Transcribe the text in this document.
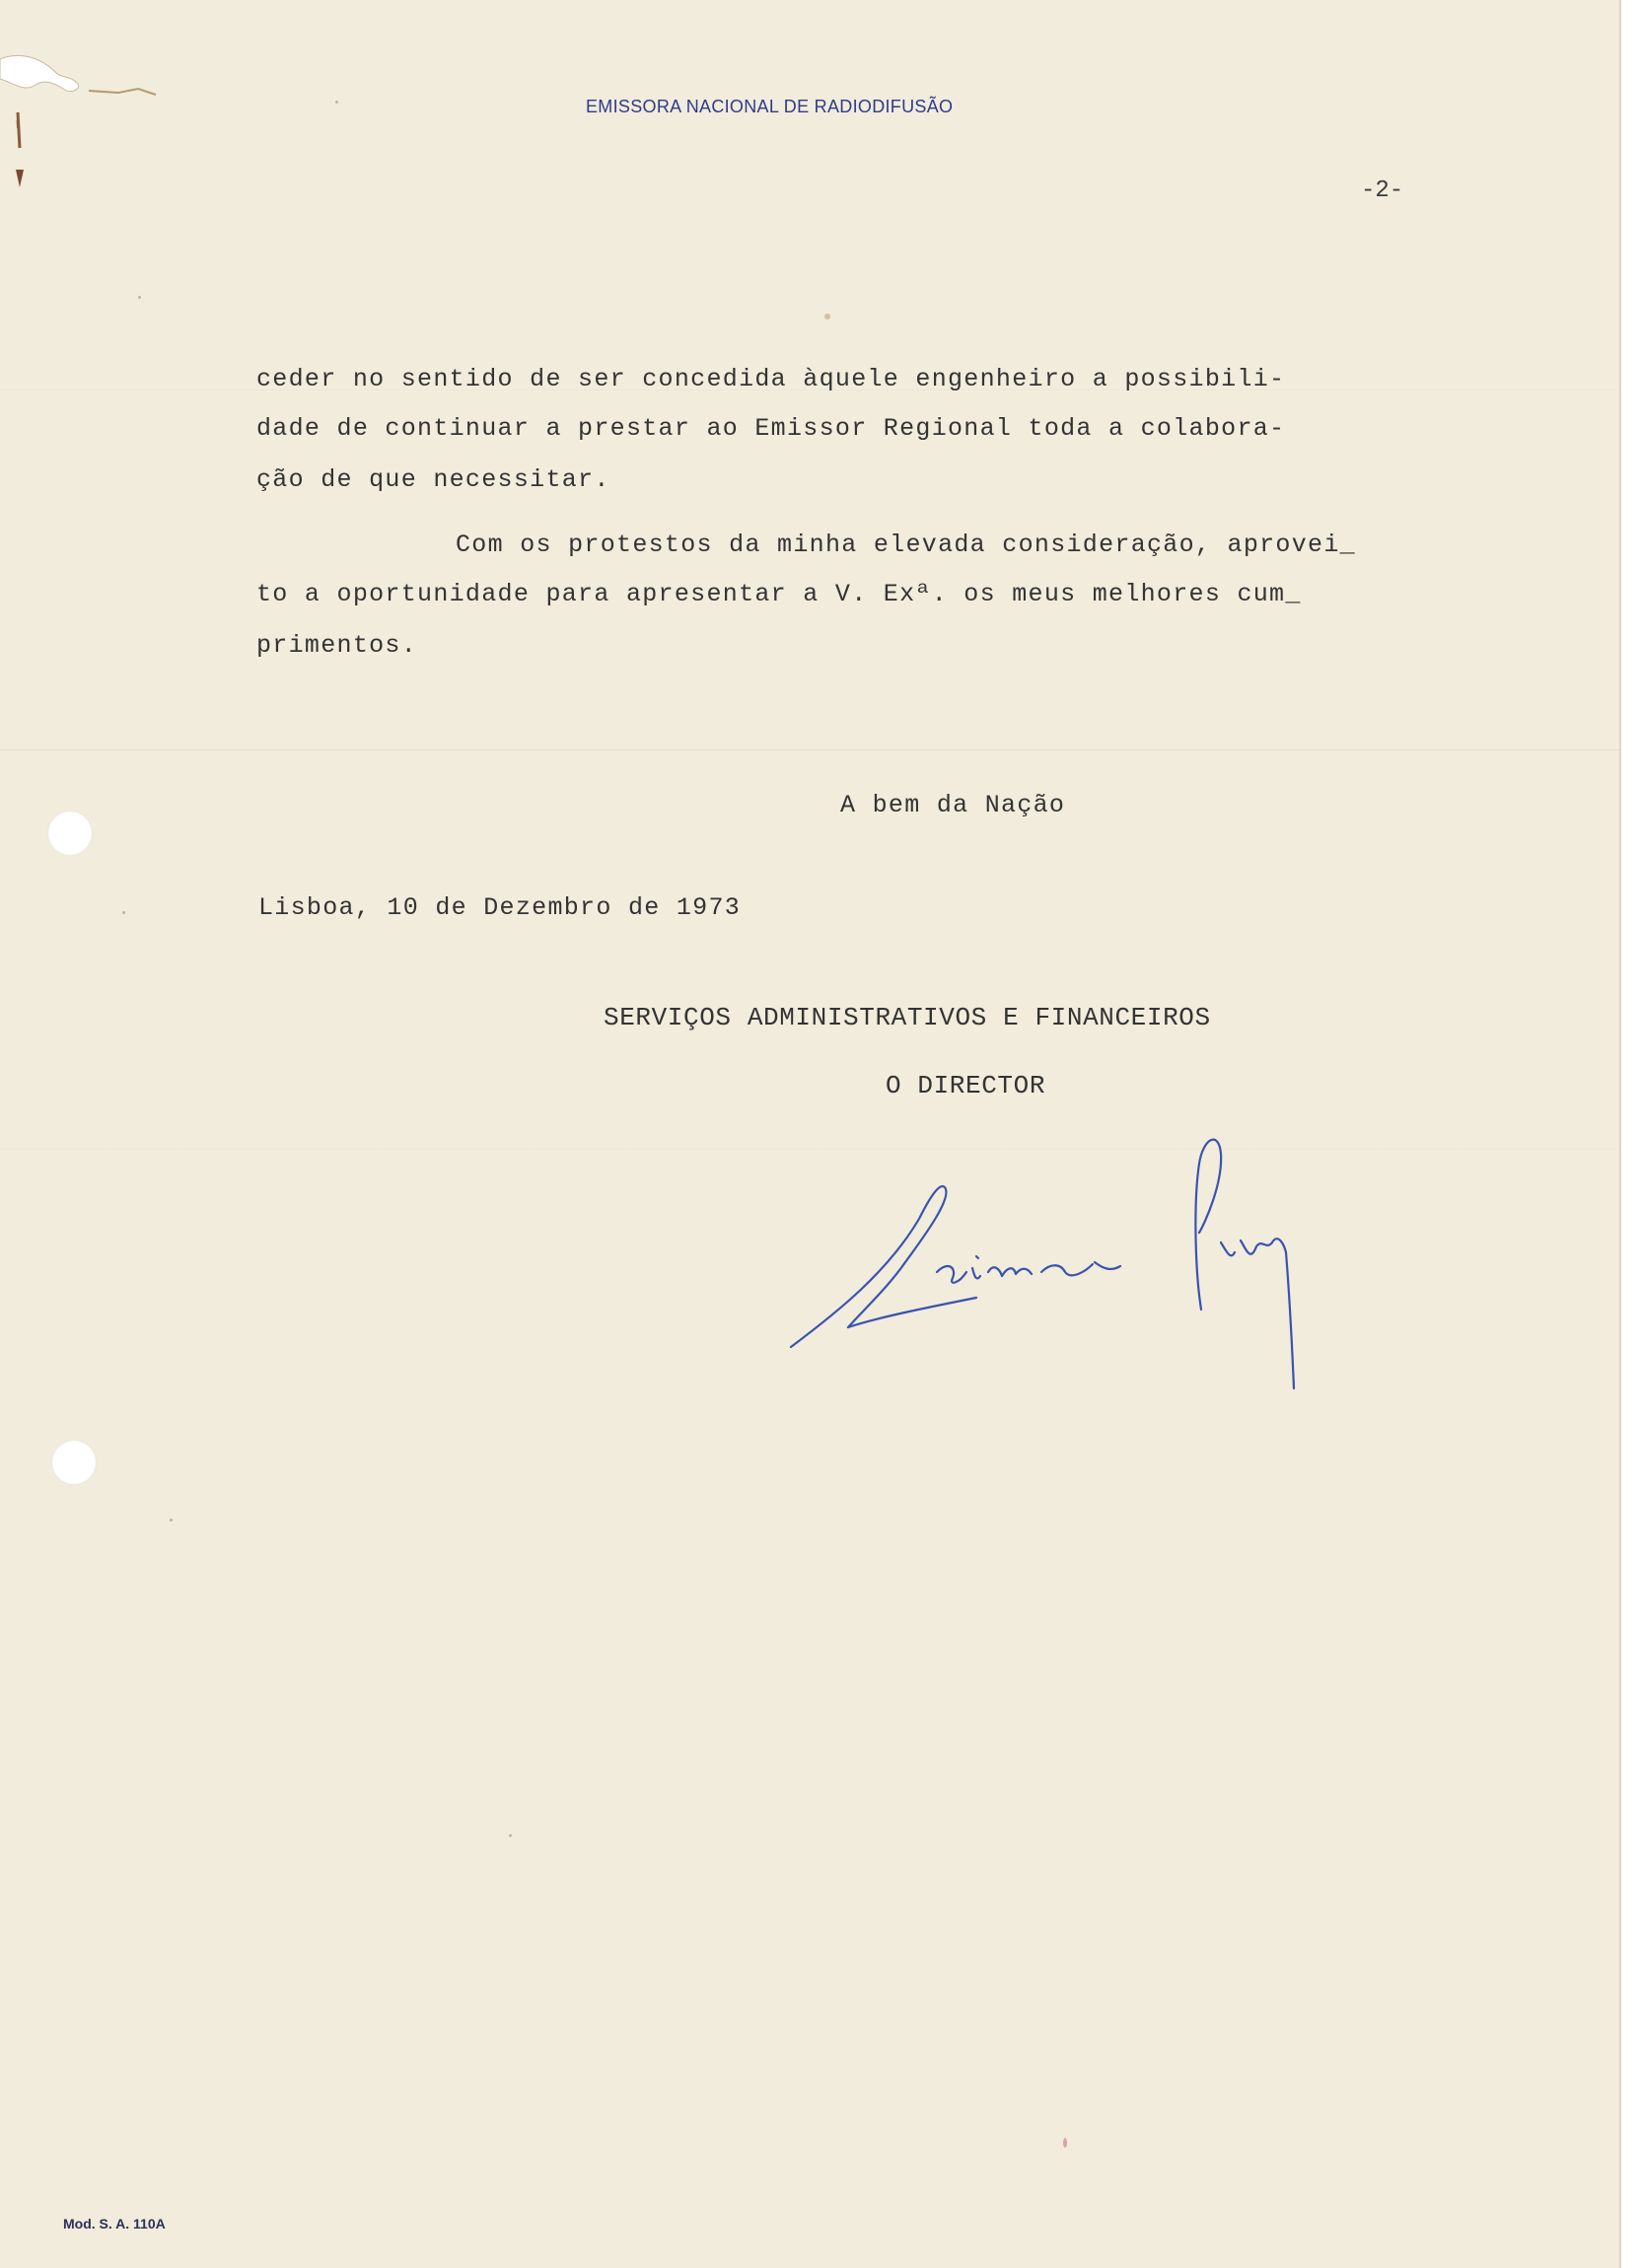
EMISSORA NACIONAL DE RADIODIFUSÃO
-2-
ceder no sentido de ser concedida àquele engenheiro a possibili-
dade de continuar a prestar ao Emissor Regional toda a colabora-
ção de que necessitar.
Com os protestos da minha elevada consideração, aprovei_
to a oportunidade para apresentar a V. Exª. os meus melhores cum_
primentos.
A bem da Nação
Lisboa, 10 de Dezembro de 1973
SERVIÇOS ADMINISTRATIVOS E FINANCEIROS
O DIRECTOR
Mod. S. A. 110A
